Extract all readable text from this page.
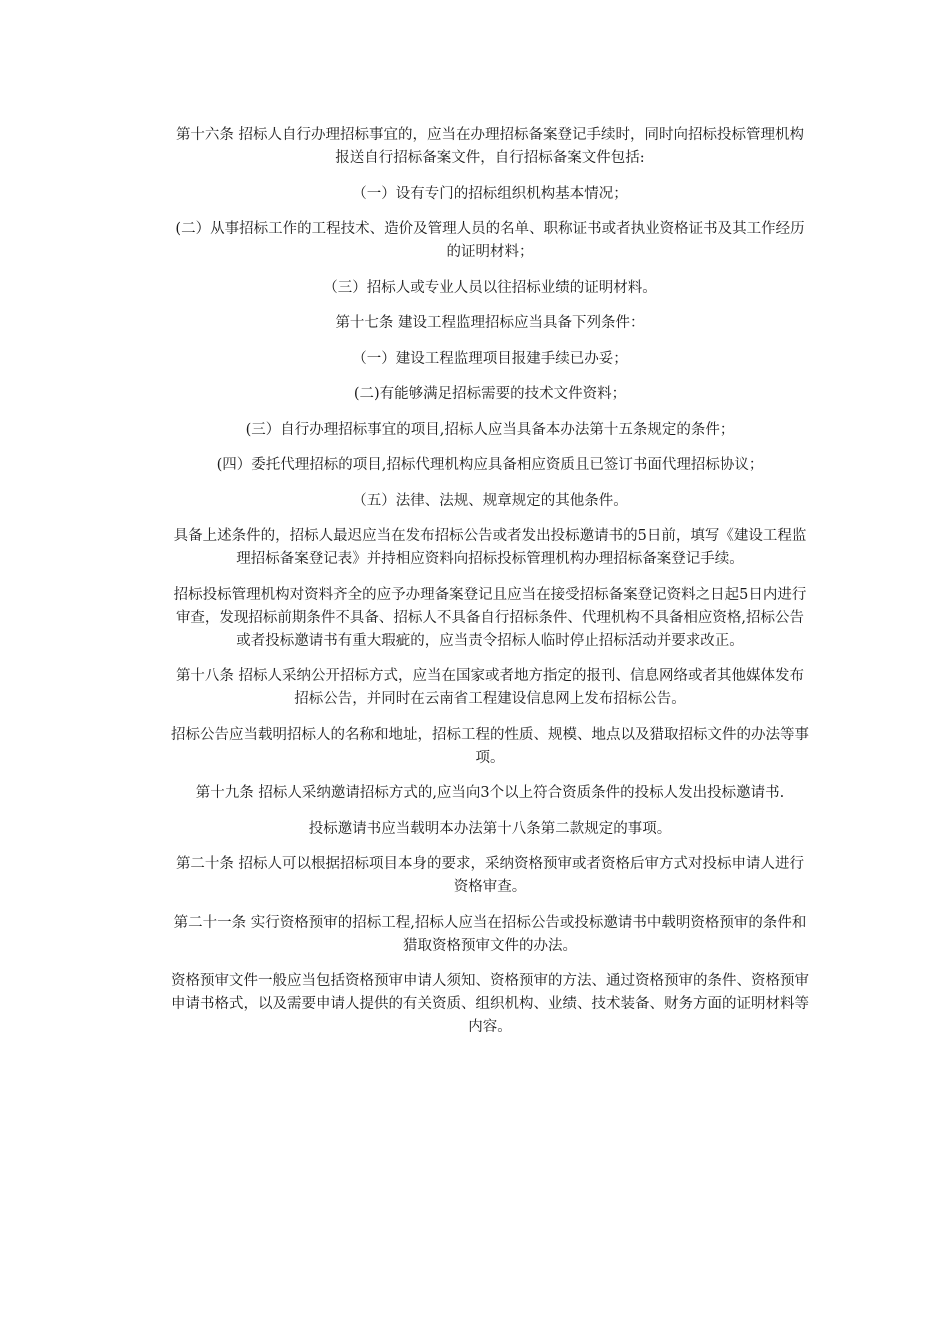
第十六条 招标人自行办理招标事宜的，应当在办理招标备案登记手续时，同时向招标投标管理机构报送自行招标备案文件，自行招标备案文件包括:

（一）设有专门的招标组织机构基本情况；

(二）从事招标工作的工程技术、造价及管理人员的名单、职称证书或者执业资格证书及其工作经历的证明材料；

（三）招标人或专业人员以往招标业绩的证明材料。

第十七条 建设工程监理招标应当具备下列条件：

（一）建设工程监理项目报建手续已办妥；

(二)有能够满足招标需要的技术文件资料；

(三）自行办理招标事宜的项目,招标人应当具备本办法第十五条规定的条件；

(四）委托代理招标的项目,招标代理机构应具备相应资质且已签订书面代理招标协议；

（五）法律、法规、规章规定的其他条件。

具备上述条件的，招标人最迟应当在发布招标公告或者发出投标邀请书的5日前，填写《建设工程监理招标备案登记表》并持相应资料向招标投标管理机构办理招标备案登记手续。

招标投标管理机构对资料齐全的应予办理备案登记且应当在接受招标备案登记资料之日起5日内进行审查，发现招标前期条件不具备、招标人不具备自行招标条件、代理机构不具备相应资格,招标公告或者投标邀请书有重大瑕疵的，应当责令招标人临时停止招标活动并要求改正。

第十八条 招标人采纳公开招标方式，应当在国家或者地方指定的报刊、信息网络或者其他媒体发布招标公告，并同时在云南省工程建设信息网上发布招标公告。

招标公告应当载明招标人的名称和地址，招标工程的性质、规模、地点以及猎取招标文件的办法等事项。

第十九条 招标人采纳邀请招标方式的,应当向3个以上符合资质条件的投标人发出投标邀请书.

投标邀请书应当载明本办法第十八条第二款规定的事项。

第二十条 招标人可以根据招标项目本身的要求，采纳资格预审或者资格后审方式对投标申请人进行资格审查。

第二十一条 实行资格预审的招标工程,招标人应当在招标公告或投标邀请书中载明资格预审的条件和猎取资格预审文件的办法。

资格预审文件一般应当包括资格预审申请人须知、资格预审的方法、通过资格预审的条件、资格预审申请书格式，以及需要申请人提供的有关资质、组织机构、业绩、技术装备、财务方面的证明材料等内容。
